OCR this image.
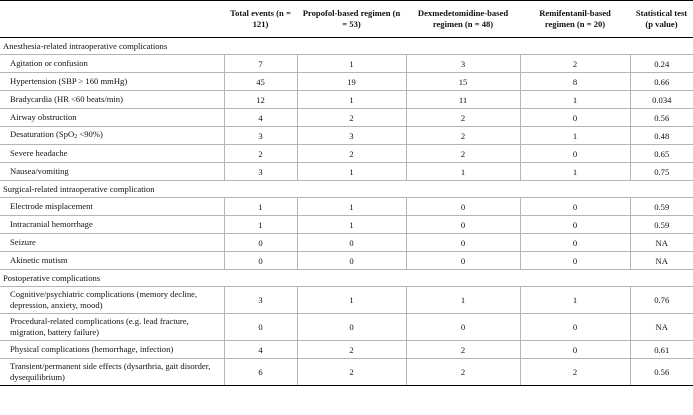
	Total events (n = 121)	Propofol-based regimen (n = 53)	Dexmedetomidine-based regimen (n = 48)	Remifentanil-based regimen (n = 20)	Statistical test (p value)
Anesthesia-related intraoperative complications					
Agitation or confusion	7	1	3	2	0.24
Hypertension (SBP > 160 mmHg)	45	19	15	8	0.66
Bradycardia (HR <60 beats/min)	12	1	11	1	0.034
Airway obstruction	4	2	2	0	0.56
Desaturation (SpO$_2$ <90%)	3	3	2	1	0.48
Severe headache	2	2	2	0	0.65
Nausea/vomiting	3	1	1	1	0.75
Surgical-related intraoperative complication					
Electrode misplacement	1	1	0	0	0.59
Intracranial hemorrhage	1	1	0	0	0.59
Seizure	0	0	0	0	NA
Akinetic mutism	0	0	0	0	NA
Postoperative complications					
Cognitive/psychiatric complications (memory decline, depression, anxiety, mood)	3	1	1	1	0.76
Procedural-related complications (e.g. lead fracture, migration, battery failure)	0	0	0	0	NA
Physical complications (hemorrhage, infection)	4	2	2	0	0.61
Transient/permanent side effects (dysarthria, gait disorder, dysequilibrium)	6	2	2	2	0.56
